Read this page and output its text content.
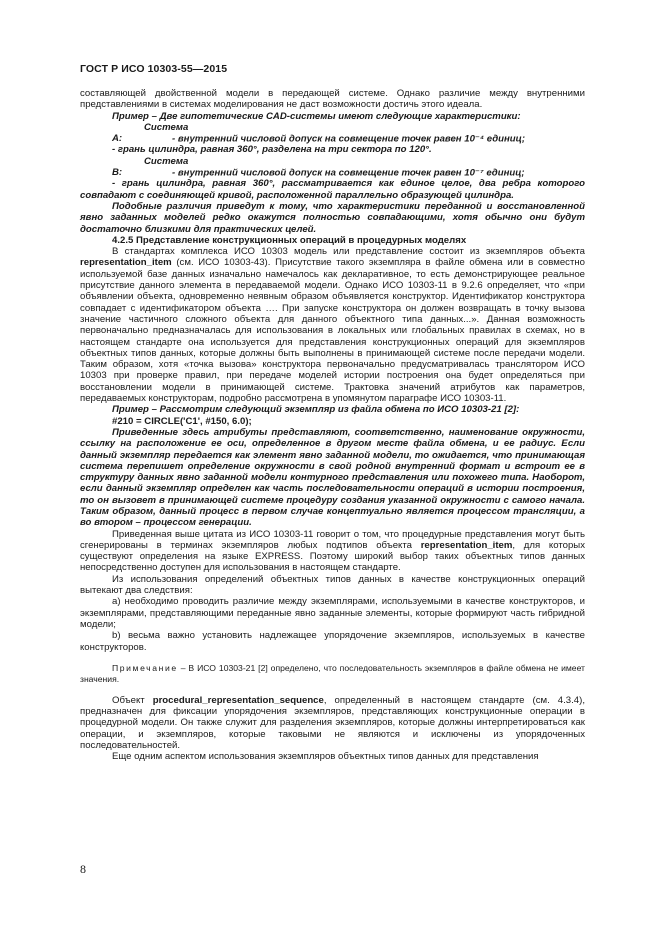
ГОСТ Р ИСО 10303-55—2015

составляющей двойственной модели в передающей системе. Однако различие между внутренними представлениями в системах моделирования не даст возможности достичь этого идеала.

Пример – Две гипотетические CAD-системы имеют следующие характеристики:

Система А:	- внутренний числовой допуск на совмещение точек равен 10⁻⁴ единиц;

- грань цилиндра, равная 360°, разделена на три сектора по 120°.

Система В:	- внутренний числовой допуск на совмещение точек равен 10⁻⁷ единиц;

- грань цилиндра, равная 360°, рассматривается как единое целое, два ребра которого совпадают с соединяющей кривой, расположенной параллельно образующей цилиндра.

Подобные различия приведут к тому, что характеристики переданной и восстановленной явно заданных моделей редко окажутся полностью совпадающими, хотя обычно они будут достаточно близкими для практических целей.

4.2.5 Представление конструкционных операций в процедурных моделях

В стандартах комплекса ИСО 10303 модель или представление состоит из экземпляров объекта representation_item (см. ИСО 10303-43). Присутствие такого экземпляра в файле обмена или в совместно используемой базе данных изначально намечалось как декларативное, то есть демонстрирующее реальное присутствие данного элемента в передаваемой модели. Однако ИСО 10303-11 в 9.2.6 определяет, что «при объявлении объекта, одновременно неявным образом объявляется конструктор. Идентификатор конструктора совпадает с идентификатором объекта …. При запуске конструктора он должен возвращать в точку вызова значение частичного сложного объекта для данного объектного типа данных...». Данная возможность первоначально предназначалась для использования в локальных или глобальных правилах в схемах, но в настоящем стандарте она используется для представления конструкционных операций для экземпляров объектных типов данных, которые должны быть выполнены в принимающей системе после передачи модели. Таким образом, хотя «точка вызова» конструктора первоначально предусматривалась транслятором ИСО 10303 при проверке правил, при передаче моделей истории построения она будет определяться при восстановлении модели в принимающей системе. Трактовка значений атрибутов как параметров, передаваемых конструкторам, подробно рассмотрена в упомянутом параграфе ИСО 10303-11.

Пример – Рассмотрим следующий экземпляр из файла обмена по ИСО 10303-21 [2]:

#210 = CIRCLE('C1', #150, 6.0);

Приведенные здесь атрибуты представляют, соответственно, наименование окружности, ссылку на расположение ее оси, определенное в другом месте файла обмена, и ее радиус. Если данный экземпляр передается как элемент явно заданной модели, то ожидается, что принимающая система перепишет определение окружности в свой родной внутренний формат и встроит ее в структуру данных явно заданной модели контурного представления или похожего типа. Наоборот, если данный экземпляр определен как часть последовательности операций в истории построения, то он вызовет в принимающей системе процедуру создания указанной окружности с самого начала. Таким образом, данный процесс в первом случае концептуально является процессом трансляции, а во втором – процессом генерации.

Приведенная выше цитата из ИСО 10303-11 говорит о том, что процедурные представления могут быть сгенерированы в терминах экземпляров любых подтипов объекта representation_item, для которых существуют определения на языке EXPRESS. Поэтому широкий выбор таких объектных типов данных непосредственно доступен для использования в настоящем стандарте.

Из использования определений объектных типов данных в качестве конструкционных операций вытекают два следствия:

а) необходимо проводить различие между экземплярами, используемыми в качестве конструкторов, и экземплярами, представляющими переданные явно заданные элементы, которые формируют часть гибридной модели;

b) весьма важно установить надлежащее упорядочение экземпляров, используемых в качестве конструкторов.

Примечание – В ИСО 10303-21 [2] определено, что последовательность экземпляров в файле обмена не имеет значения.

Объект procedural_representation_sequence, определенный в настоящем стандарте (см. 4.3.4), предназначен для фиксации упорядочения экземпляров, представляющих конструкционные операции в процедурной модели. Он также служит для разделения экземпляров, которые должны интерпретироваться как операции, и экземпляров, которые таковыми не являются и исключены из упорядоченных последовательностей.

Еще одним аспектом использования экземпляров объектных типов данных для представления

8
